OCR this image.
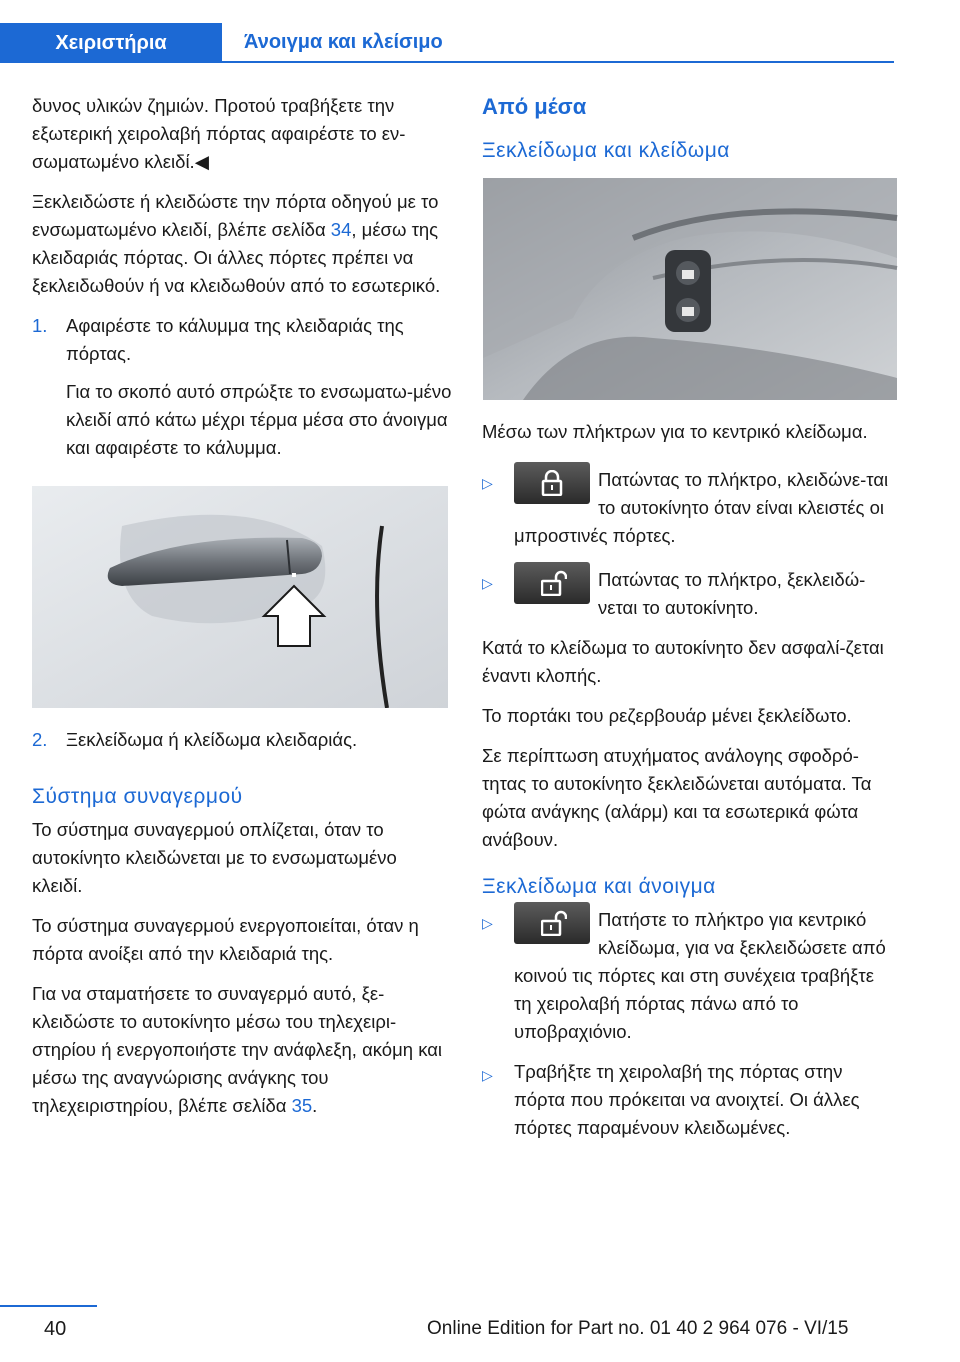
Χειριστήρια	Άνοιγμα και κλείσιμο

δυνος υλικών ζημιών. Προτού τραβήξετε την εξωτερική χειρολαβή πόρτας αφαιρέστε το εν‐σωματωμένο κλειδί.◀

Ξεκλειδώστε ή κλειδώστε την πόρτα οδηγού με το ενσωματωμένο κλειδί, βλέπε σελίδα 34, μέσω της κλειδαριάς πόρτας. Οι άλλες πόρτες πρέπει να ξεκλειδωθούν ή να κλειδωθούν από το εσωτερικό.

1.	Αφαιρέστε το κάλυμμα της κλειδαριάς της πόρτας.

Για το σκοπό αυτό σπρώξτε το ενσωματω‐μένο κλειδί από κάτω μέχρι τέρμα μέσα στο άνοιγμα και αφαιρέστε το κάλυμμα.

2.	Ξεκλείδωμα ή κλείδωμα κλειδαριάς.

Σύστημα συναγερμού

Το σύστημα συναγερμού οπλίζεται, όταν το αυτοκίνητο κλειδώνεται με το ενσωματωμένο κλειδί.

Το σύστημα συναγερμού ενεργοποιείται, όταν η πόρτα ανοίξει από την κλειδαριά της.

Για να σταματήσετε το συναγερμό αυτό, ξε‐κλειδώστε το αυτοκίνητο μέσω του τηλεχειρι‐στηρίου ή ενεργοποιήστε την ανάφλεξη, ακόμη και μέσω της αναγνώρισης ανάγκης του τηλεχειριστηρίου, βλέπε σελίδα 35.

Από μέσα
Ξεκλείδωμα και κλείδωμα

Μέσω των πλήκτρων για το κεντρικό κλείδωμα.

▷	Πατώντας το πλήκτρο, κλειδώνε‐ται το αυτοκίνητο όταν είναι κλειστές οι μπροστινές πόρτες.
▷	Πατώντας το πλήκτρο, ξεκλειδώ‐νεται το αυτοκίνητο.

Κατά το κλείδωμα το αυτοκίνητο δεν ασφαλί‐ζεται έναντι κλοπής.

Το πορτάκι του ρεζερβουάρ μένει ξεκλείδωτο.

Σε περίπτωση ατυχήματος ανάλογης σφοδρό‐τητας το αυτοκίνητο ξεκλειδώνεται αυτόματα. Τα φώτα ανάγκης (αλάρμ) και τα εσωτερικά φώτα ανάβουν.

Ξεκλείδωμα και άνοιγμα
▷	Πατήστε το πλήκτρο για κεντρικό κλείδωμα, για να ξεκλειδώσετε από κοινού τις πόρτες και στη συνέχεια τραβήξτε τη χειρολαβή πόρτας πάνω από το υποβραχιόνιο.
▷	Τραβήξτε τη χειρολαβή της πόρτας στην πόρτα που πρόκειται να ανοιχτεί. Οι άλλες πόρτες παραμένουν κλειδωμένες.
40	Online Edition for Part no. 01 40 2 964 076 - VI/15
